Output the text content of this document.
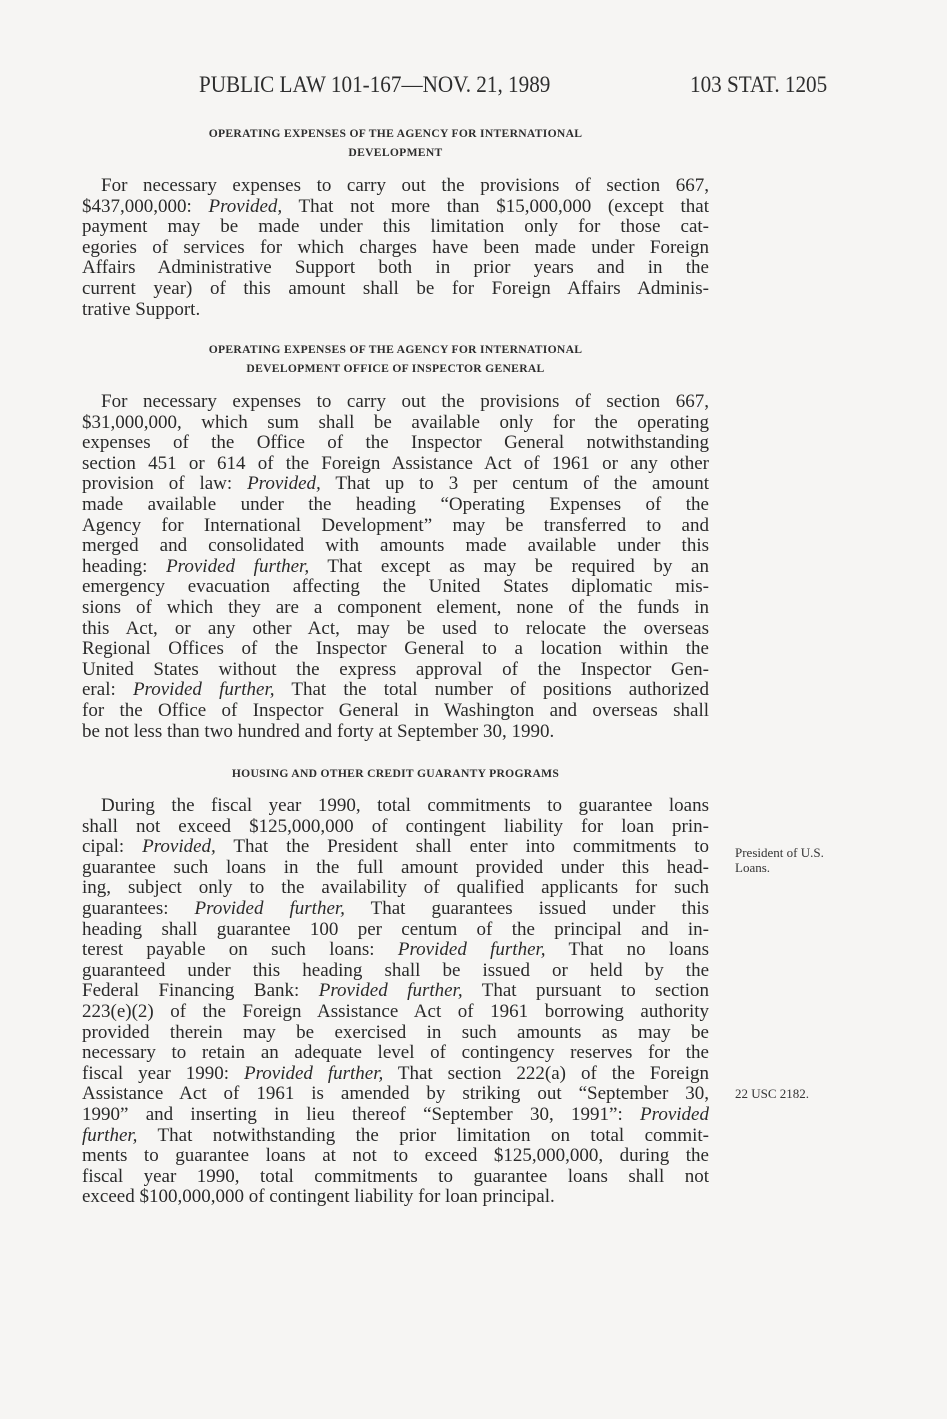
PUBLIC LAW 101-167—NOV. 21, 1989	103 STAT. 1205
OPERATING EXPENSES OF THE AGENCY FOR INTERNATIONAL
DEVELOPMENT
For necessary expenses to carry out the provisions of section 667,
$437,000,000: Provided, That not more than $15,000,000 (except that
payment may be made under this limitation only for those cat-
egories of services for which charges have been made under Foreign
Affairs Administrative Support both in prior years and in the
current year) of this amount shall be for Foreign Affairs Adminis-
trative Support.
OPERATING EXPENSES OF THE AGENCY FOR INTERNATIONAL
DEVELOPMENT OFFICE OF INSPECTOR GENERAL
For necessary expenses to carry out the provisions of section 667,
$31,000,000, which sum shall be available only for the operating
expenses of the Office of the Inspector General notwithstanding
section 451 or 614 of the Foreign Assistance Act of 1961 or any other
provision of law: Provided, That up to 3 per centum of the amount
made available under the heading “Operating Expenses of the
Agency for International Development” may be transferred to and
merged and consolidated with amounts made available under this
heading: Provided further, That except as may be required by an
emergency evacuation affecting the United States diplomatic mis-
sions of which they are a component element, none of the funds in
this Act, or any other Act, may be used to relocate the overseas
Regional Offices of the Inspector General to a location within the
United States without the express approval of the Inspector Gen-
eral: Provided further, That the total number of positions authorized
for the Office of Inspector General in Washington and overseas shall
be not less than two hundred and forty at September 30, 1990.
HOUSING AND OTHER CREDIT GUARANTY PROGRAMS
During the fiscal year 1990, total commitments to guarantee loans
shall not exceed $125,000,000 of contingent liability for loan prin-
cipal: Provided, That the President shall enter into commitments to
guarantee such loans in the full amount provided under this head-
ing, subject only to the availability of qualified applicants for such
guarantees: Provided further, That guarantees issued under this
heading shall guarantee 100 per centum of the principal and in-
terest payable on such loans: Provided further, That no loans
guaranteed under this heading shall be issued or held by the
Federal Financing Bank: Provided further, That pursuant to section
223(e)(2) of the Foreign Assistance Act of 1961 borrowing authority
provided therein may be exercised in such amounts as may be
necessary to retain an adequate level of contingency reserves for the
fiscal year 1990: Provided further, That section 222(a) of the Foreign
Assistance Act of 1961 is amended by striking out “September 30,
1990” and inserting in lieu thereof “September 30, 1991”: Provided
further, That notwithstanding the prior limitation on total commit-
ments to guarantee loans at not to exceed $125,000,000, during the
fiscal year 1990, total commitments to guarantee loans shall not
exceed $100,000,000 of contingent liability for loan principal.
President of U.S.
Loans.
22 USC 2182.
